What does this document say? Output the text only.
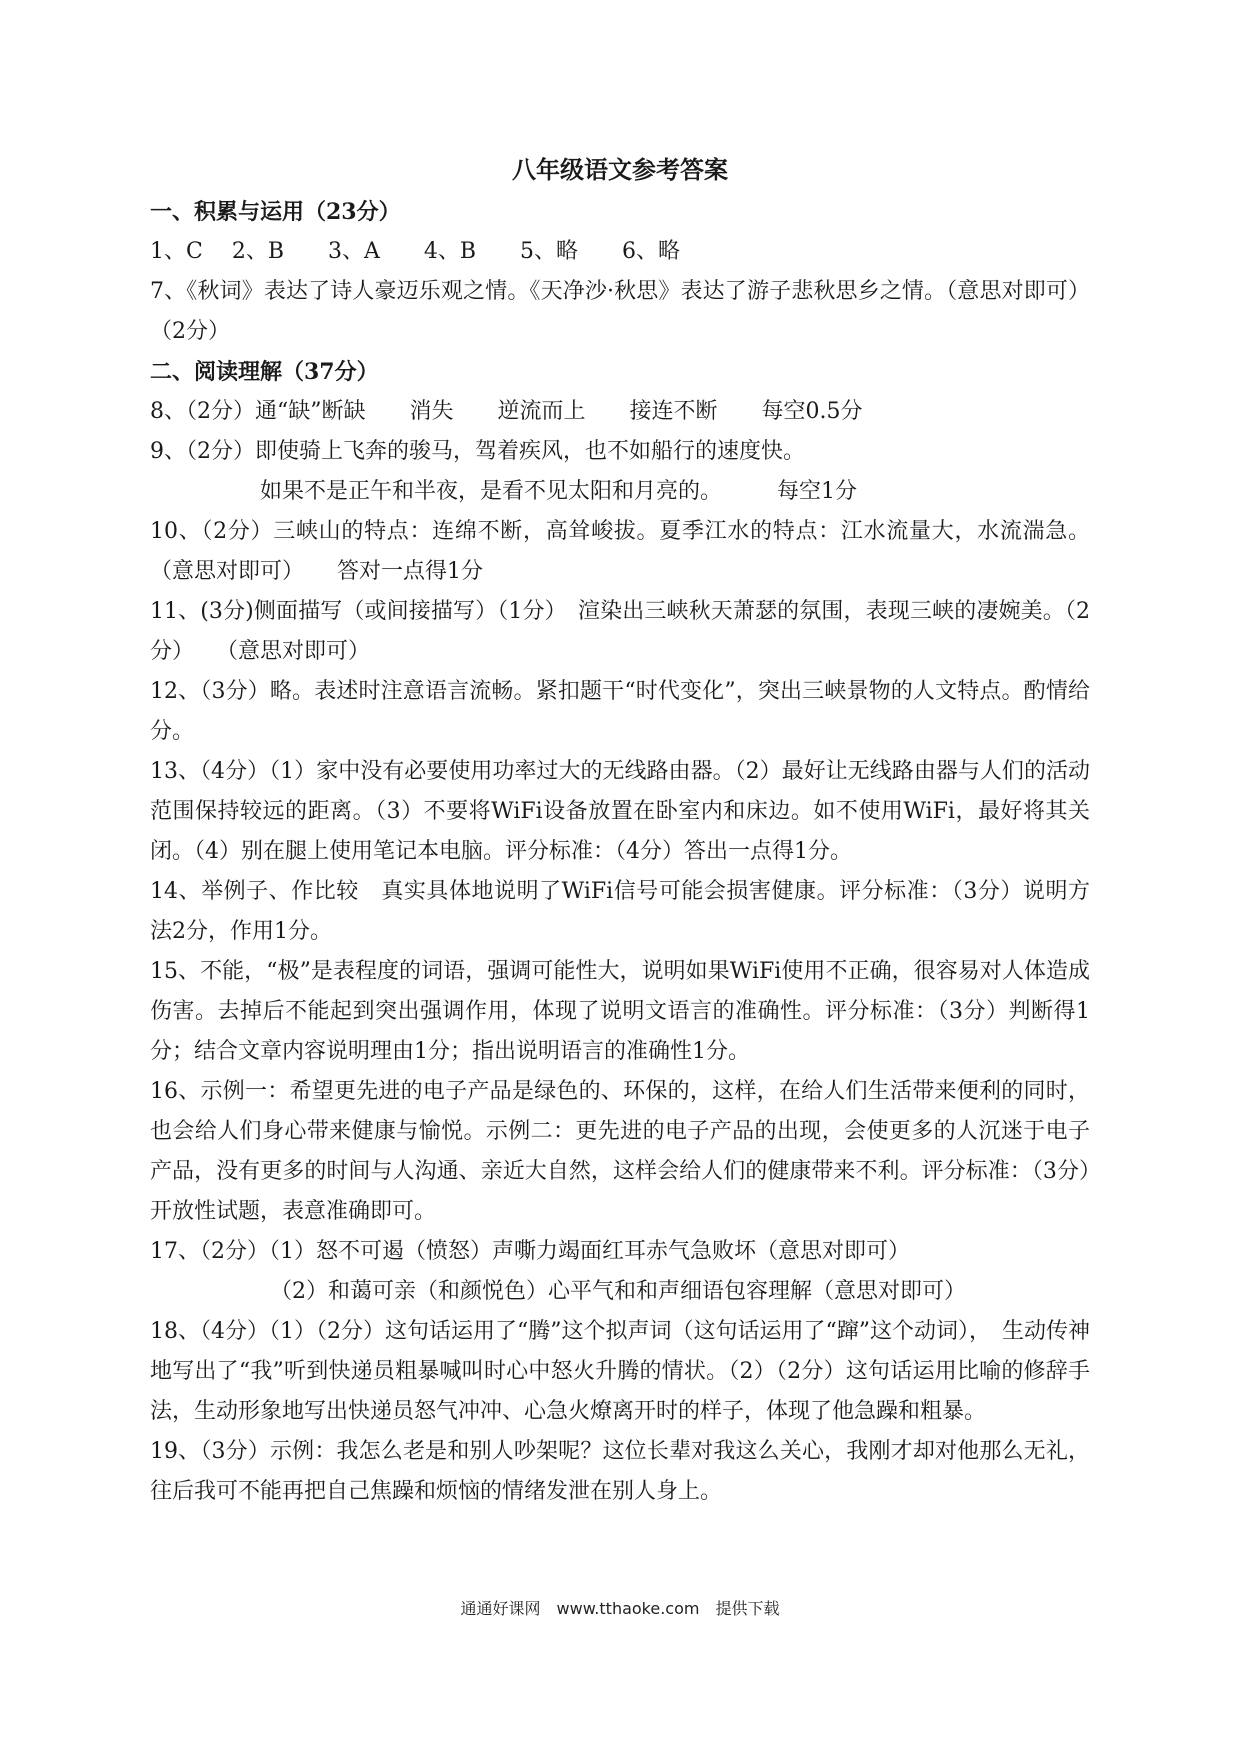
八年级语文参考答案
一、积累与运用（23分）
1、C　 2、B　　3、A　　4、B　　5、略　　6、略
7、《秋词》表达了诗人豪迈乐观之情。《天净沙·秋思》表达了游子悲秋思乡之情。（意思对即可）（2分）
二、阅读理解（37分）
8、（2分）通“缺”断缺　　消失　　逆流而上　　接连不断　　每空0.5分
9、（2分）即使骑上飞奔的骏马，驾着疾风，也不如船行的速度快。
如果不是正午和半夜，是看不见太阳和月亮的。　　　每空1分
10、（2分）三峡山的特点：连绵不断，高耸峻拔。夏季江水的特点：江水流量大，水流湍急。（意思对即可）　　答对一点得1分
11、(3分)侧面描写（或间接描写）（1分）　渲染出三峡秋天萧瑟的氛围，表现三峡的凄婉美。（2分）　　（意思对即可）
12、（3分）略。表述时注意语言流畅。紧扣题干“时代变化”，突出三峡景物的人文特点。酌情给分。
13、（4分）（1）家中没有必要使用功率过大的无线路由器。（2）最好让无线路由器与人们的活动范围保持较远的距离。（3）不要将WiFi设备放置在卧室内和床边。如不使用WiFi，最好将其关闭。（4）别在腿上使用笔记本电脑。评分标准：（4分）答出一点得1分。
14、举例子、作比较　真实具体地说明了WiFi信号可能会损害健康。评分标准：（3分）说明方法2分，作用1分。
15、不能，“极”是表程度的词语，强调可能性大，说明如果WiFi使用不正确，很容易对人体造成伤害。去掉后不能起到突出强调作用，体现了说明文语言的准确性。评分标准：（3分）判断得1分；结合文章内容说明理由1分；指出说明语言的准确性1分。
16、示例一：希望更先进的电子产品是绿色的、环保的，这样，在给人们生活带来便利的同时，也会给人们身心带来健康与愉悦。示例二：更先进的电子产品的出现，会使更多的人沉迷于电子产品，没有更多的时间与人沟通、亲近大自然，这样会给人们的健康带来不利。评分标准：（3分）开放性试题，表意准确即可。
17、（2分）（1）怒不可遏（愤怒）声嘶力竭面红耳赤气急败坏（意思对即可）
（2）和蔼可亲（和颜悦色）心平气和和声细语包容理解（意思对即可）
18、（4分）（1）（2分）这句话运用了“腾”这个拟声词（这句话运用了“蹿”这个动词），　生动传神地写出了“我”听到快递员粗暴喊叫时心中怒火升腾的情状。（2）（2分）这句话运用比喻的修辞手法，生动形象地写出快递员怒气冲冲、心急火燎离开时的样子，体现了他急躁和粗暴。
19、（3分）示例：我怎么老是和别人吵架呢？这位长辈对我这么关心，我刚才却对他那么无礼，往后我可不能再把自己焦躁和烦恼的情绪发泄在别人身上。
通通好课网　www.tthaoke.com　提供下载
